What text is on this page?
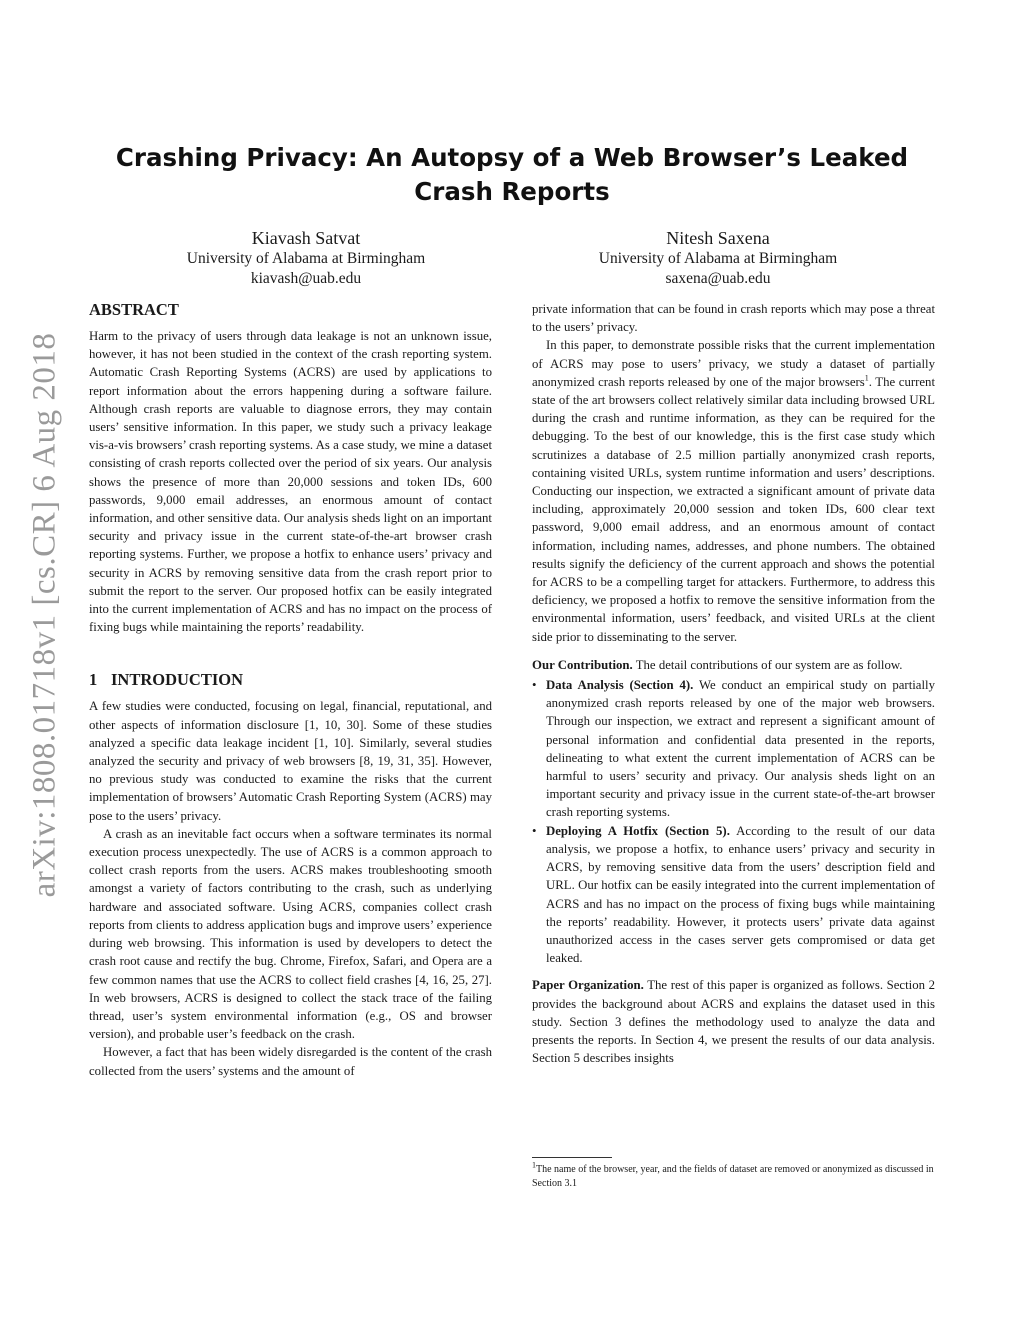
arXiv:1808.01718v1 [cs.CR] 6 Aug 2018
Crashing Privacy: An Autopsy of a Web Browser’s Leaked Crash Reports
Kiavash Satvat
University of Alabama at Birmingham
kiavash@uab.edu
Nitesh Saxena
University of Alabama at Birmingham
saxena@uab.edu
ABSTRACT

Harm to the privacy of users through data leakage is not an unknown issue, however, it has not been studied in the context of the crash reporting system. Automatic Crash Reporting Systems (ACRS) are used by applications to report information about the errors happening during a software failure. Although crash reports are valuable to diagnose errors, they may contain users’ sensitive information. In this paper, we study such a privacy leakage vis-a-vis browsers’ crash reporting systems. As a case study, we mine a dataset consisting of crash reports collected over the period of six years. Our analysis shows the presence of more than 20,000 sessions and token IDs, 600 passwords, 9,000 email addresses, an enormous amount of contact information, and other sensitive data. Our analysis sheds light on an important security and privacy issue in the current state-of-the-art browser crash reporting systems. Further, we propose a hotfix to enhance users’ privacy and security in ACRS by removing sensitive data from the crash report prior to submit the report to the server. Our proposed hotfix can be easily integrated into the current implementation of ACRS and has no impact on the process of fixing bugs while maintaining the reports’ readability.

1 INTRODUCTION

A few studies were conducted, focusing on legal, financial, reputational, and other aspects of information disclosure [1, 10, 30]. Some of these studies analyzed a specific data leakage incident [1, 10]. Similarly, several studies analyzed the security and privacy of web browsers [8, 19, 31, 35]. However, no previous study was conducted to examine the risks that the current implementation of browsers’ Automatic Crash Reporting System (ACRS) may pose to the users’ privacy.

A crash as an inevitable fact occurs when a software terminates its normal execution process unexpectedly. The use of ACRS is a common approach to collect crash reports from the users. ACRS makes troubleshooting smooth amongst a variety of factors contributing to the crash, such as underlying hardware and associated software. Using ACRS, companies collect crash reports from clients to address application bugs and improve users’ experience during web browsing. This information is used by developers to detect the crash root cause and rectify the bug. Chrome, Firefox, Safari, and Opera are a few common names that use the ACRS to collect field crashes [4, 16, 25, 27]. In web browsers, ACRS is designed to collect the stack trace of the failing thread, user’s system environmental information (e.g., OS and browser version), and probable user’s feedback on the crash.

However, a fact that has been widely disregarded is the content of the crash collected from the users’ systems and the amount of

private information that can be found in crash reports which may pose a threat to the users’ privacy.

In this paper, to demonstrate possible risks that the current implementation of ACRS may pose to users’ privacy, we study a dataset of partially anonymized crash reports released by one of the major browsers$^1$. The current state of the art browsers collect relatively similar data including browsed URL during the crash and runtime information, as they can be required for the debugging. To the best of our knowledge, this is the first case study which scrutinizes a database of 2.5 million partially anonymized crash reports, containing visited URLs, system runtime information and users’ descriptions. Conducting our inspection, we extracted a significant amount of private data including, approximately 20,000 session and token IDs, 600 clear text password, 9,000 email address, and an enormous amount of contact information, including names, addresses, and phone numbers. The obtained results signify the deficiency of the current approach and shows the potential for ACRS to be a compelling target for attackers. Furthermore, to address this deficiency, we proposed a hotfix to remove the sensitive information from the environmental information, users’ feedback, and visited URLs at the client side prior to disseminating to the server.

Our Contribution. The detail contributions of our system are as follow.

• Data Analysis (Section 4). We conduct an empirical study on partially anonymized crash reports released by one of the major web browsers. Through our inspection, we extract and represent a significant amount of personal information and confidential data presented in the reports, delineating to what extent the current implementation of ACRS can be harmful to users’ security and privacy. Our analysis sheds light on an important security and privacy issue in the current state-of-the-art browser crash reporting systems.
• Deploying A Hotfix (Section 5). According to the result of our data analysis, we propose a hotfix, to enhance users’ privacy and security in ACRS, by removing sensitive data from the users’ description field and URL. Our hotfix can be easily integrated into the current implementation of ACRS and has no impact on the process of fixing bugs while maintaining the reports’ readability. However, it protects users’ private data against unauthorized access in the cases server gets compromised or data get leaked.

Paper Organization. The rest of this paper is organized as follows. Section 2 provides the background about ACRS and explains the dataset used in this study. Section 3 defines the methodology used to analyze the data and presents the reports. In Section 4, we present the results of our data analysis. Section 5 describes insights

$^1$The name of the browser, year, and the fields of dataset are removed or anonymized as discussed in Section 3.1
